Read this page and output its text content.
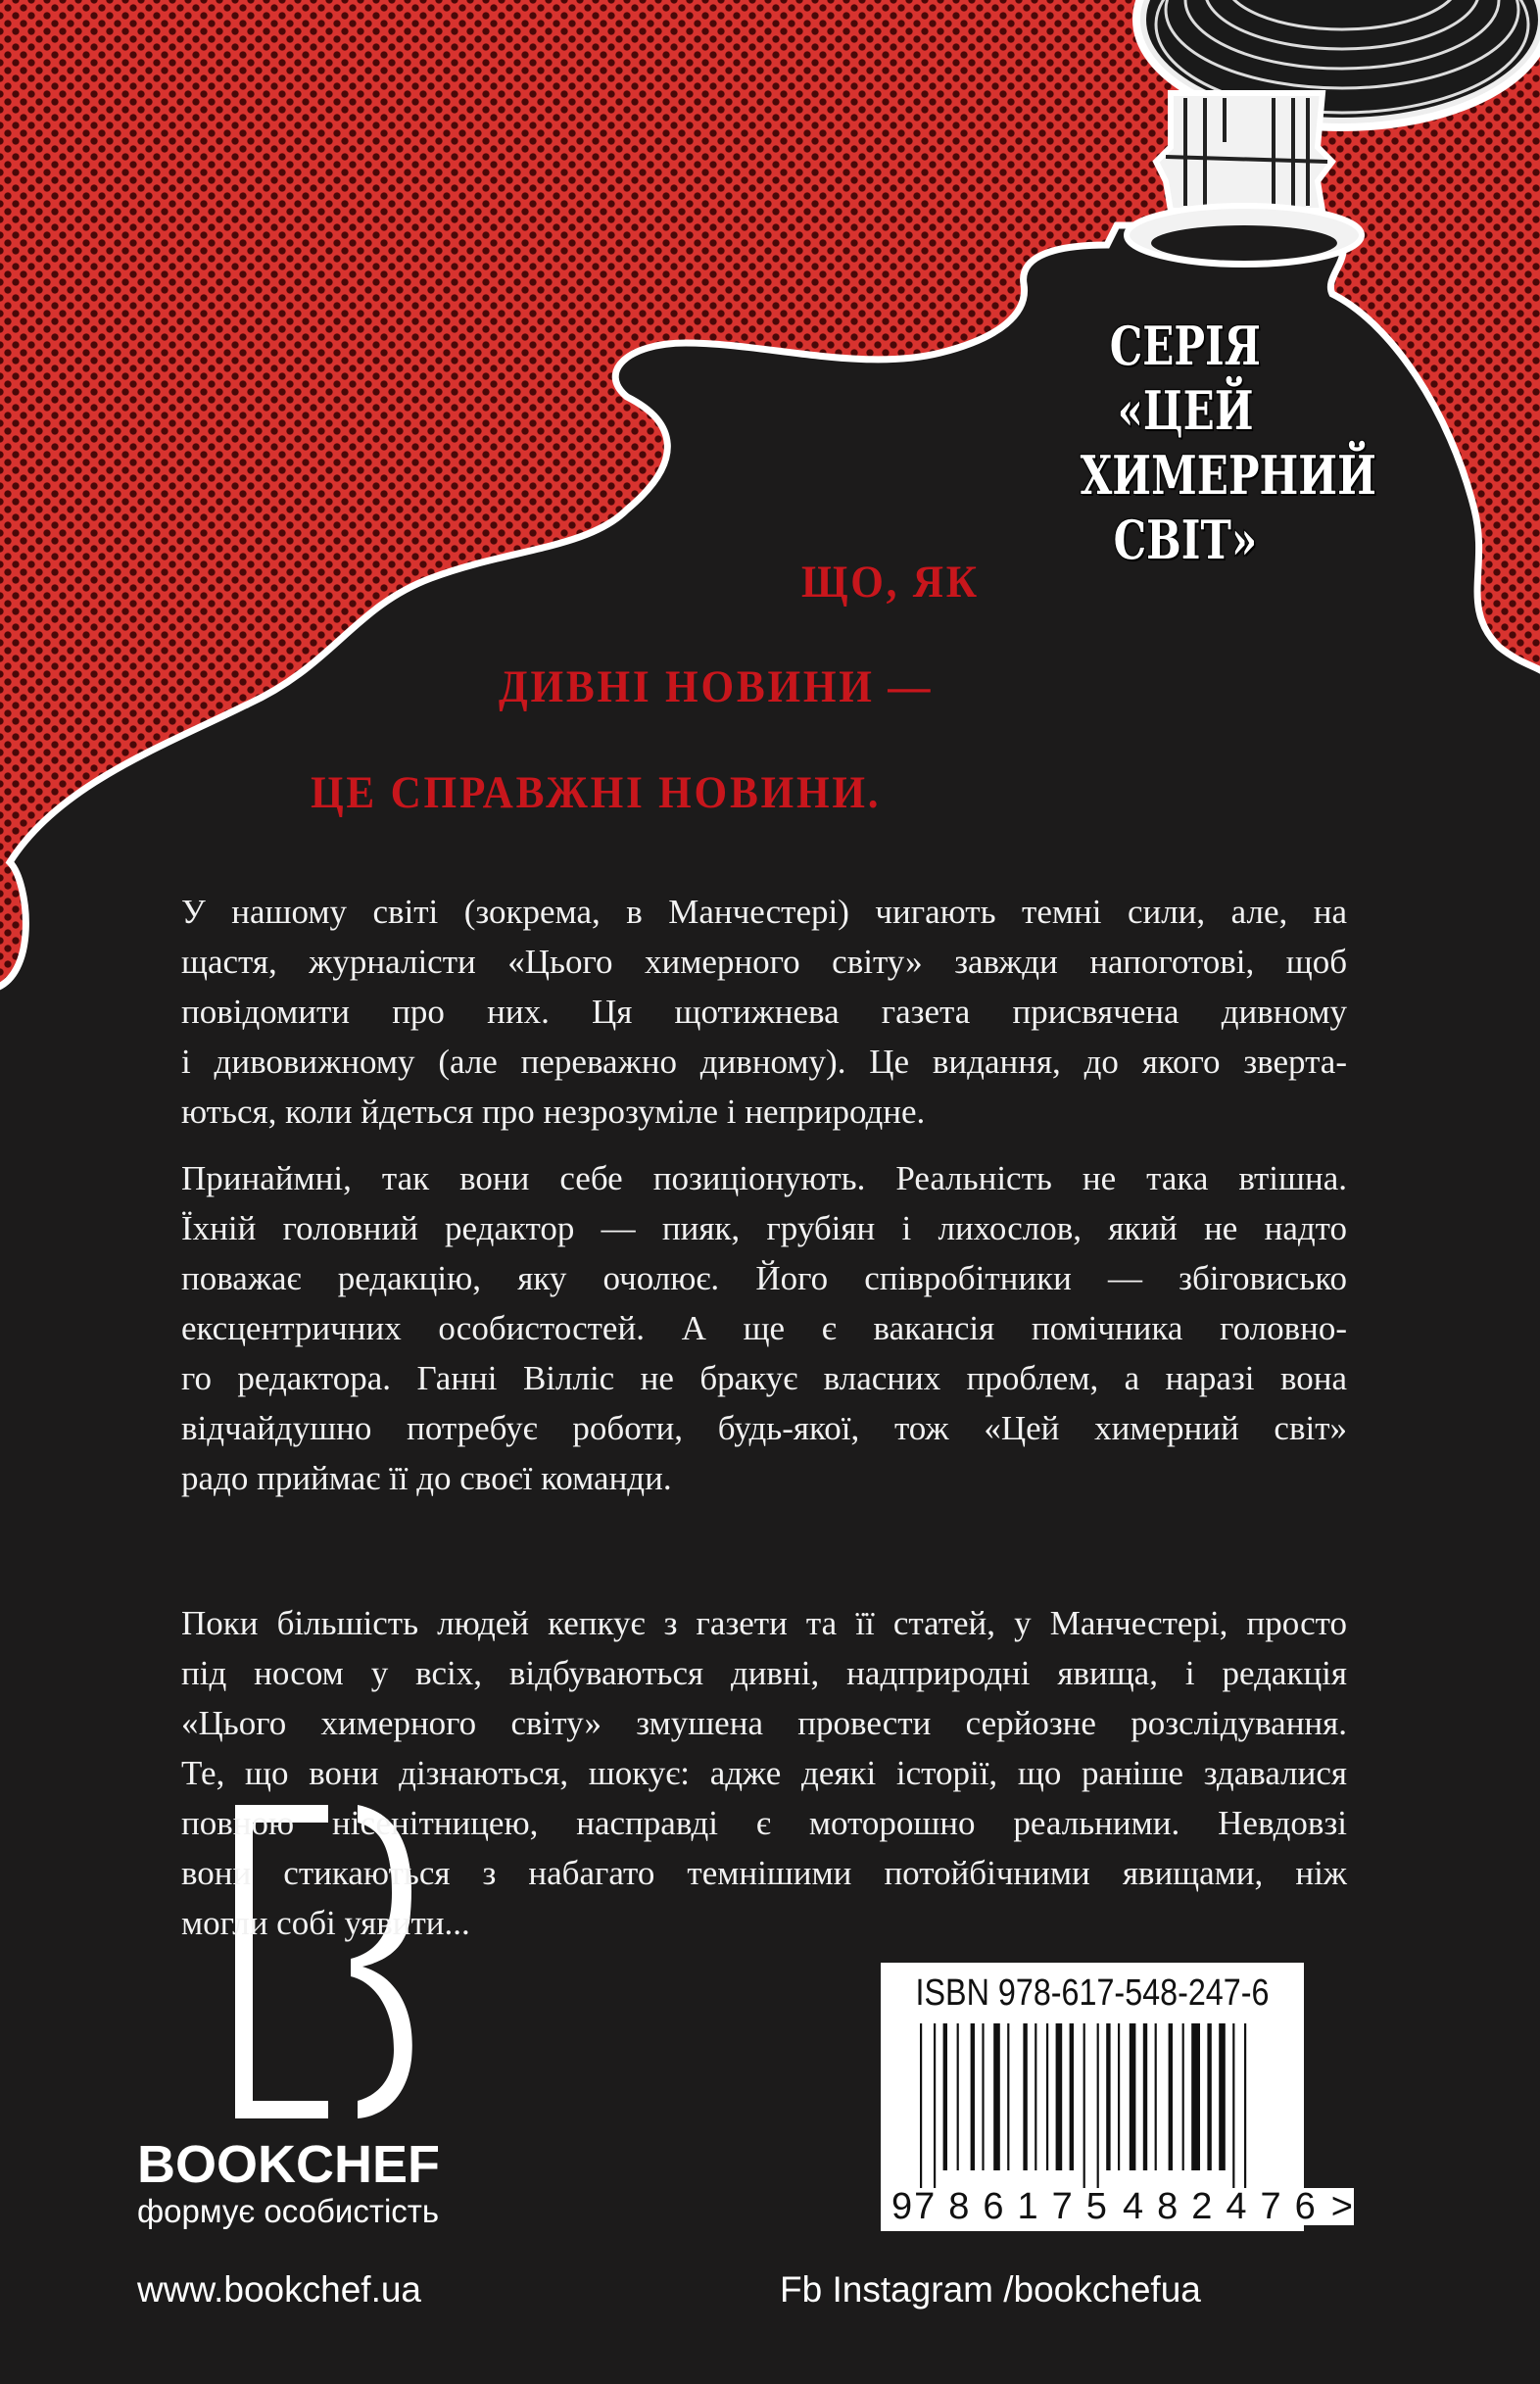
СЕРІЯ
«ЦЕЙ
ХИМЕРНИЙ
СВІТ»
ЩО, ЯК
ДИВНІ НОВИНИ —
ЦЕ СПРАВЖНІ НОВИНИ.
У нашому світі (зокрема, в Манчестері) чигають темні сили, але, на
щастя, журналісти «Цього химерного світу» завжди напоготові, щоб
повідомити про них. Ця щотижнева газета присвячена дивному
і дивовижному (але переважно дивному). Це видання, до якого зверта-
ються, коли йдеться про незрозуміле і неприродне.
Принаймні, так вони себе позиціонують. Реальність не така втішна.
Їхній головний редактор — пияк, грубіян і лихослов, який не надто
поважає редакцію, яку очолює. Його співробітники — збіговисько
ексцентричних особистостей. А ще є вакансія помічника головно-
го редактора. Ганні Вілліс не бракує власних проблем, а наразі вона
відчайдушно потребує роботи, будь-якої, тож «Цей химерний світ»
радо приймає її до своєї команди.
Поки більшість людей кепкує з газети та її статей, у Манчестері, просто
під носом у всіх, відбуваються дивні, надприродні явища, і редакція
«Цього химерного світу» змушена провести серйозне розслідування.
Те, що вони дізнаються, шокує: адже деякі історії, що раніше здавалися
повною нісенітницею, насправді є моторошно реальними. Невдовзі
вони стикаються з набагато темнішими потойбічними явищами, ніж
могли собі уявити...
BOOKCHEF
формує особистість
www.bookchef.ua	Fb Instagram /bookchefua
ISBN 978-617-548-247-6
9 786175 482476 >
